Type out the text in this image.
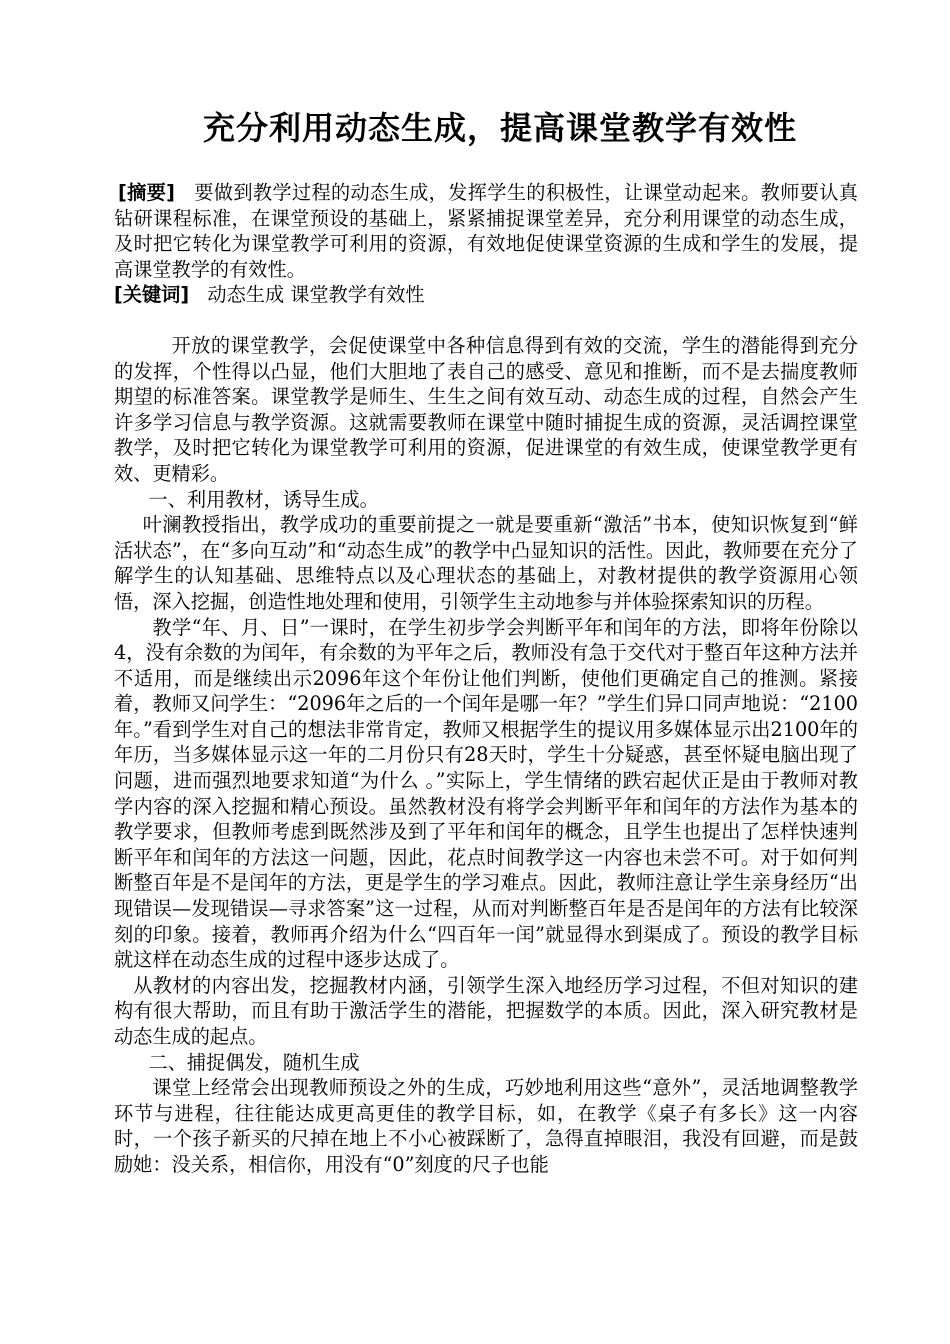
充分利用动态生成，提高课堂教学有效性

[摘要] 要做到教学过程的动态生成，发挥学生的积极性，让课堂动起来。教师要认真钻研课程标准，在课堂预设的基础上，紧紧捕捉课堂差异，充分利用课堂的动态生成，及时把它转化为课堂教学可利用的资源，有效地促使课堂资源的生成和学生的发展，提高课堂教学的有效性。

[关键词] 动态生成 课堂教学有效性

开放的课堂教学，会促使课堂中各种信息得到有效的交流，学生的潜能得到充分的发挥，个性得以凸显，他们大胆地了表自己的感受、意见和推断，而不是去揣度教师期望的标准答案。课堂教学是师生、生生之间有效互动、动态生成的过程，自然会产生许多学习信息与教学资源。这就需要教师在课堂中随时捕捉生成的资源，灵活调控课堂教学，及时把它转化为课堂教学可利用的资源，促进课堂的有效生成，使课堂教学更有效、更精彩。

一、利用教材，诱导生成。

叶澜教授指出，教学成功的重要前提之一就是要重新“激活”书本，使知识恢复到“鲜活状态”，在“多向互动”和“动态生成”的教学中凸显知识的活性。因此，教师要在充分了解学生的认知基础、思维特点以及心理状态的基础上，对教材提供的教学资源用心领悟，深入挖掘，创造性地处理和使用，引领学生主动地参与并体验探索知识的历程。

教学“年、月、日”一课时，在学生初步学会判断平年和闰年的方法，即将年份除以4，没有余数的为闰年，有余数的为平年之后，教师没有急于交代对于整百年这种方法并不适用，而是继续出示2096年这个年份让他们判断，使他们更确定自己的推测。紧接着，教师又问学生：“2096年之后的一个闰年是哪一年？”学生们异口同声地说：“2100年。”看到学生对自己的想法非常肯定，教师又根据学生的提议用多媒体显示出2100年的年历，当多媒体显示这一年的二月份只有28天时，学生十分疑惑，甚至怀疑电脑出现了问题，进而强烈地要求知道“为什么 。”实际上，学生情绪的跌宕起伏正是由于教师对教学内容的深入挖掘和精心预设。虽然教材没有将学会判断平年和闰年的方法作为基本的教学要求，但教师考虑到既然涉及到了平年和闰年的概念，且学生也提出了怎样快速判断平年和闰年的方法这一问题，因此，花点时间教学这一内容也未尝不可。对于如何判断整百年是不是闰年的方法，更是学生的学习难点。因此，教师注意让学生亲身经历“出现错误—发现错误—寻求答案”这一过程，从而对判断整百年是否是闰年的方法有比较深刻的印象。接着，教师再介绍为什么“四百年一闰”就显得水到渠成了。预设的教学目标就这样在动态生成的过程中逐步达成了。

从教材的内容出发，挖掘教材内涵，引领学生深入地经历学习过程，不但对知识的建构有很大帮助，而且有助于激活学生的潜能，把握数学的本质。因此，深入研究教材是动态生成的起点。

二、捕捉偶发，随机生成

课堂上经常会出现教师预设之外的生成，巧妙地利用这些“意外”，灵活地调整教学环节与进程，往往能达成更高更佳的教学目标，如，在教学《桌子有多长》这一内容时，一个孩子新买的尺掉在地上不小心被踩断了，急得直掉眼泪，我没有回避，而是鼓励她：没关系，相信你，用没有“0”刻度的尺子也能
